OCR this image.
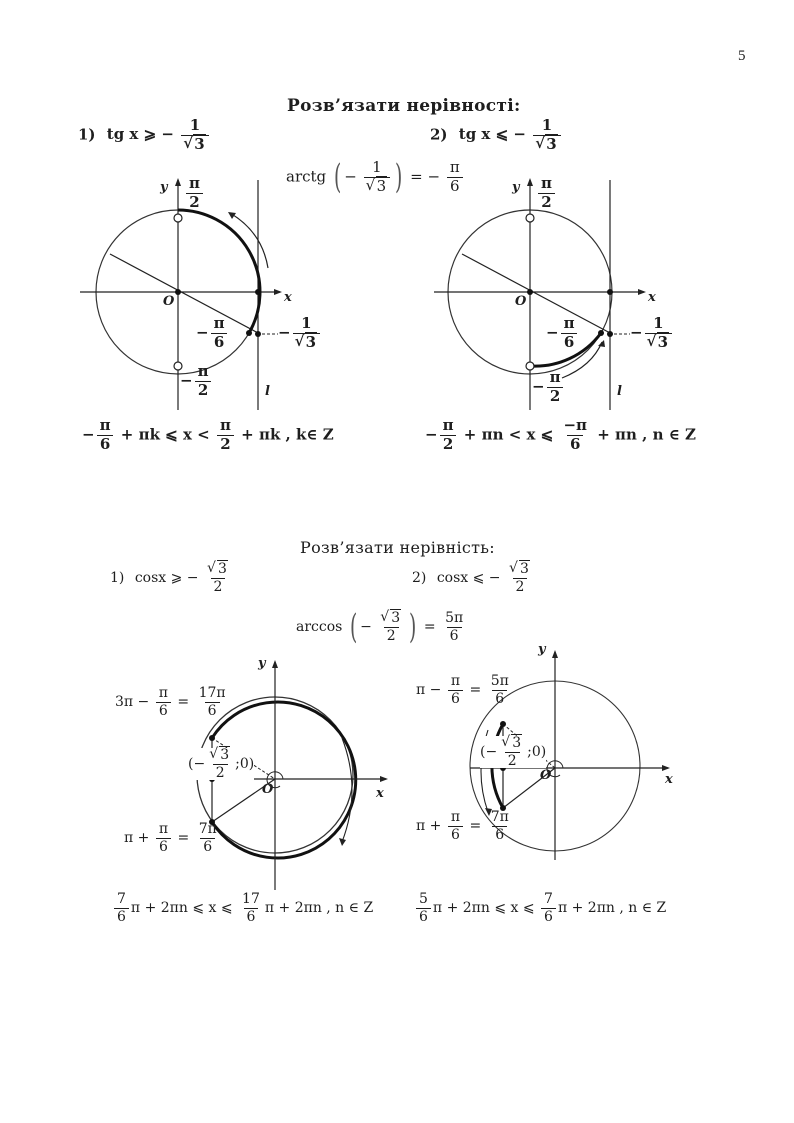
5
Розв’язати нерівності:
1) tg x ⩾ − 1
√ 3	2) tg x ⩽ − 1
√ 3
arctg ( − 1
√ 3 ) = − $\frac{\pi}{6}$
y
x
O
l
$\frac{\pi}{2}$
− $\frac{\pi}{2}$
− $\frac{\pi}{6}$	− 1
√ 3
y
x
O
l
$\frac{\pi}{2}$
− $\frac{\pi}{2}$
− $\frac{\pi}{6}$	− 1
√ 3
− $\frac{\pi}{6} + \pi k$ ⩽ $x < \frac{\pi}{2} + \pi k$ , k∈ Z	− $\frac{\pi}{2} + \pi n < x$ ⩽ $\frac{-\pi}{6} + \pi n$ , n ∈ Z
Розв’язати нерівність:
1) cosx ⩾ − √ $\frac{3}{2}$	2) cosx ⩽ − √ $\frac{3}{2}$
arccos ( − √ $\frac{3}{2}$ ) = $\frac{5\pi}{6}$
y
x
O
$3\pi - \frac{\pi}{6} = \frac{17\pi}{6}$
$\pi + \frac{\pi}{6} = \frac{7\pi}{6}$
(− √ $\frac{3}{2}$ ;0)
y
x
O
$\pi - \frac{\pi}{6} = \frac{5\pi}{6}$
$\pi + \frac{\pi}{6} = \frac{7\pi}{6}$
(− √ $\frac{3}{2}$ ;0)
$\frac{7}{6}$ π + 2πn ⩽ x ⩽ $\frac{17}{6}$ π + 2πn , n ∈ Z	$\frac{5}{6}$ π + 2πn ⩽ x ⩽ $\frac{7}{6}$ π + 2πn , n ∈ Z
